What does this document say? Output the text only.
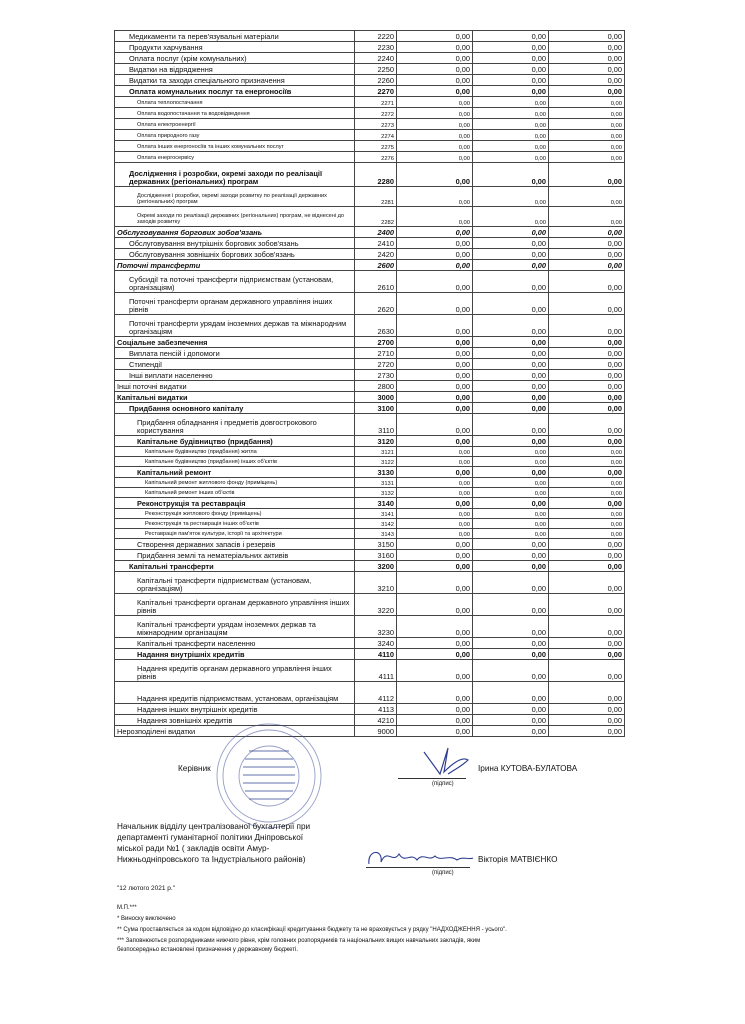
Медикаменти та перев'язувальні матеріали	2220	0,00	0,00	0,00
Продукти харчування	2230	0,00	0,00	0,00
Оплата послуг (крім комунальних)	2240	0,00	0,00	0,00
Видатки на відрядження	2250	0,00	0,00	0,00
Видатки та заходи спеціального призначення	2260	0,00	0,00	0,00
Оплата комунальних послуг та енергоносіїв	2270	0,00	0,00	0,00
Оплата теплопостачання	2271	0,00	0,00	0,00
Оплата водопостачання та водовідведення	2272	0,00	0,00	0,00
Оплата електроенергії	2273	0,00	0,00	0,00
Оплата природного газу	2274	0,00	0,00	0,00
Оплата інших енергоносіїв та інших комунальних послуг	2275	0,00	0,00	0,00
Оплата енергосервісу	2276	0,00	0,00	0,00
Дослідження і розробки, окремі заходи по реалізації державних (регіональних) програм	2280	0,00	0,00	0,00
Дослідження і розробки, окремі заходи розвитку по реалізації державних (регіональних) програм	2281	0,00	0,00	0,00
Окремі заходи по реалізації державних (регіональних) програм, не віднесені до заходів розвитку	2282	0,00	0,00	0,00
Обслуговування боргових зобов'язань	2400	0,00	0,00	0,00
Обслуговування внутрішніх боргових зобов'язань	2410	0,00	0,00	0,00
Обслуговування зовнішніх боргових зобов'язань	2420	0,00	0,00	0,00
Поточні трансферти	2600	0,00	0,00	0,00
Субсидії та поточні трансферти підприємствам (установам, організаціям)	2610	0,00	0,00	0,00
Поточні трансферти органам державного управління інших рівнів	2620	0,00	0,00	0,00
Поточні трансферти урядам іноземних держав та міжнародним організаціям	2630	0,00	0,00	0,00
Соціальне забезпечення	2700	0,00	0,00	0,00
Виплата пенсій і допомоги	2710	0,00	0,00	0,00
Стипендії	2720	0,00	0,00	0,00
Інші виплати населенню	2730	0,00	0,00	0,00
Інші поточні видатки	2800	0,00	0,00	0,00
Капітальні видатки	3000	0,00	0,00	0,00
Придбання основного капіталу	3100	0,00	0,00	0,00
Придбання обладнання і предметів довгострокового користування	3110	0,00	0,00	0,00
Капітальне будівництво (придбання)	3120	0,00	0,00	0,00
Капітальне будівництво (придбання) житла	3121	0,00	0,00	0,00
Капітальне будівництво (придбання) інших об'єктів	3122	0,00	0,00	0,00
Капітальний ремонт	3130	0,00	0,00	0,00
Капітальний ремонт житлового фонду (приміщень)	3131	0,00	0,00	0,00
Капітальний ремонт інших об'єктів	3132	0,00	0,00	0,00
Реконструкція та реставрація	3140	0,00	0,00	0,00
Реконструкція житлового фонду (приміщень)	3141	0,00	0,00	0,00
Реконструкція та реставрація інших об'єктів	3142	0,00	0,00	0,00
Реставрація пам'яток культури, історії та архітектури	3143	0,00	0,00	0,00
Створення державних запасів і резервів	3150	0,00	0,00	0,00
Придбання землі та нематеріальних активів	3160	0,00	0,00	0,00
Капітальні трансферти	3200	0,00	0,00	0,00
Капітальні трансферти підприємствам (установам, організаціям)	3210	0,00	0,00	0,00
Капітальні трансферти органам державного управління інших рівнів	3220	0,00	0,00	0,00
Капітальні трансферти урядам іноземних держав та міжнародним організаціям	3230	0,00	0,00	0,00
Капітальні трансферти населенню	3240	0,00	0,00	0,00
Надання внутрішніх кредитів	4110	0,00	0,00	0,00
Надання кредитів органам державного управління інших рівнів	4111	0,00	0,00	0,00
Надання кредитів підприємствам, установам, організаціям	4112	0,00	0,00	0,00
Надання інших внутрішніх кредитів	4113	0,00	0,00	0,00
Надання зовнішніх кредитів	4210	0,00	0,00	0,00
Нерозподілені видатки	9000	0,00	0,00	0,00
Керівник
(підпис)
Ірина КУТОВА-БУЛАТОВА
Начальник відділу централізованої бухгалтерії при
департаменті гуманітарної політики Дніпровської
міської ради №1 ( закладів освіти Амур-
Нижньодніпровського та Індустріального районів)
(підпис)
Вікторія МАТВІЄНКО
"12 лютого 2021 р."
М.П.***
* Виноску виключено
** Сума проставляється за кодом відповідно до класифікації кредитування бюджету та не враховується у рядку "НАДХОДЖЕННЯ - усього".
*** Заповнюються розпорядниками нижчого рівня, крім головних розпорядників та національних вищих навчальних закладів, яким
безпосередньо встановлені призначення у державному бюджеті.
